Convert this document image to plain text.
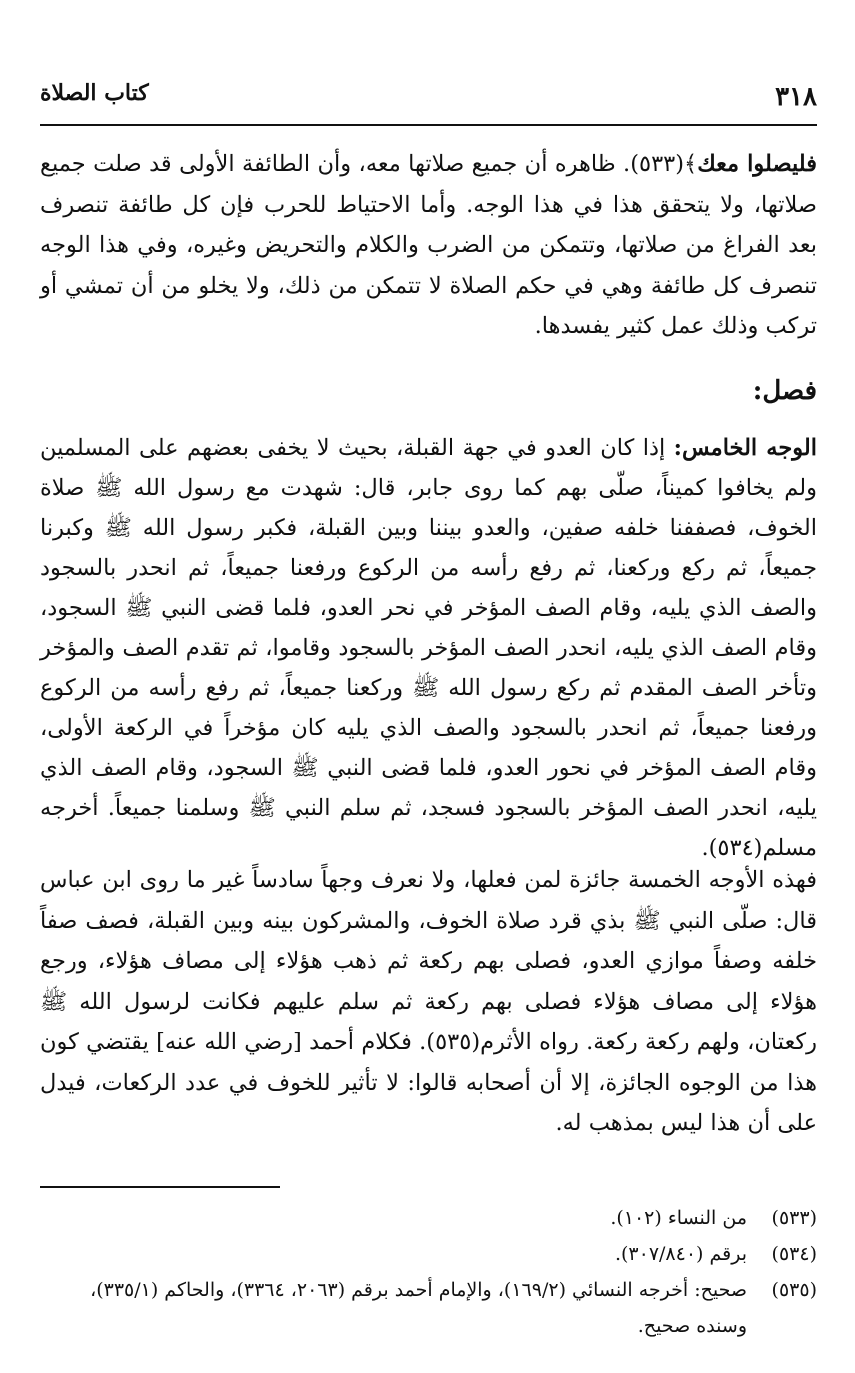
٣١٨
كتاب الصلاة
فليصلوا معك﴾(٥٣٣). ظاهره أن جميع صلاتها معه، وأن الطائفة الأولى قد صلت جميع صلاتها، ولا يتحقق هذا في هذا الوجه. وأما الاحتياط للحرب فإن كل طائفة تنصرف بعد الفراغ من صلاتها، وتتمكن من الضرب والكلام والتحريض وغيره، وفي هذا الوجه تنصرف كل طائفة وهي في حكم الصلاة لا تتمكن من ذلك، ولا يخلو من أن تمشي أو تركب وذلك عمل كثير يفسدها.
فصل:
الوجه الخامس: إذا كان العدو في جهة القبلة، بحيث لا يخفى بعضهم على المسلمين ولم يخافوا كميناً، صلّى بهم كما روى جابر، قال: شهدت مع رسول الله ﷺ صلاة الخوف، فصففنا خلفه صفين، والعدو بيننا وبين القبلة، فكبر رسول الله ﷺ وكبرنا جميعاً، ثم ركع وركعنا، ثم رفع رأسه من الركوع ورفعنا جميعاً، ثم انحدر بالسجود والصف الذي يليه، وقام الصف المؤخر في نحر العدو، فلما قضى النبي ﷺ السجود، وقام الصف الذي يليه، انحدر الصف المؤخر بالسجود وقاموا، ثم تقدم الصف والمؤخر وتأخر الصف المقدم ثم ركع رسول الله ﷺ وركعنا جميعاً، ثم رفع رأسه من الركوع ورفعنا جميعاً، ثم انحدر بالسجود والصف الذي يليه كان مؤخراً في الركعة الأولى، وقام الصف المؤخر في نحور العدو، فلما قضى النبي ﷺ السجود، وقام الصف الذي يليه، انحدر الصف المؤخر بالسجود فسجد، ثم سلم النبي ﷺ وسلمنا جميعاً. أخرجه مسلم(٥٣٤).
فهذه الأوجه الخمسة جائزة لمن فعلها، ولا نعرف وجهاً سادساً غير ما روى ابن عباس قال: صلّى النبي ﷺ بذي قرد صلاة الخوف، والمشركون بينه وبين القبلة، فصف صفاً خلفه وصفاً موازي العدو، فصلى بهم ركعة ثم ذهب هؤلاء إلى مصاف هؤلاء، ورجع هؤلاء إلى مصاف هؤلاء فصلى بهم ركعة ثم سلم عليهم فكانت لرسول الله ﷺ ركعتان، ولهم ركعة ركعة. رواه الأثرم(٥٣٥). فكلام أحمد [رضي الله عنه] يقتضي كون هذا من الوجوه الجائزة، إلا أن أصحابه قالوا: لا تأثير للخوف في عدد الركعات، فيدل على أن هذا ليس بمذهب له.
(٥٣٣)
من النساء (١٠٢).
(٥٣٤)
برقم (٣٠٧/٨٤٠).
(٥٣٥)
صحيح: أخرجه النسائي (١٦٩/٢)، والإمام أحمد برقم (٢٠٦٣، ٣٣٦٤)، والحاكم (٣٣٥/١)، وسنده صحيح.
